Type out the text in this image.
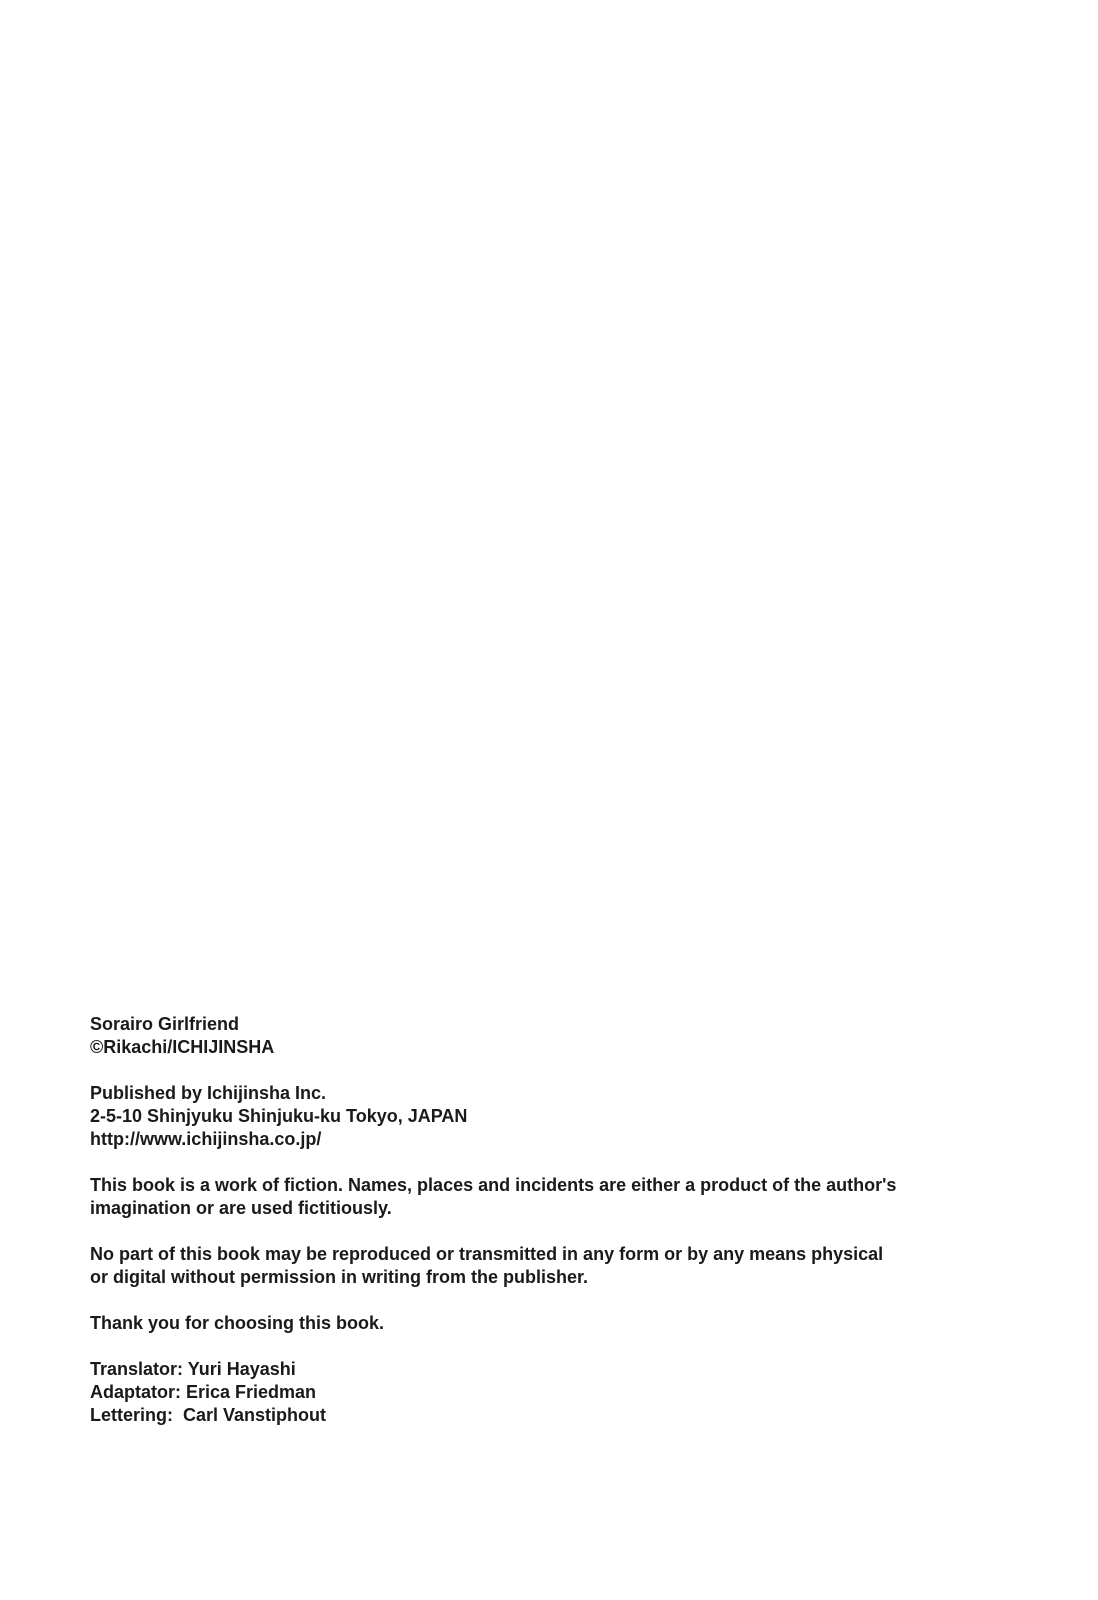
Sorairo Girlfriend
©Rikachi/ICHIJINSHA
Published by Ichijinsha Inc.
2-5-10 Shinjyuku Shinjuku-ku Tokyo, JAPAN
http://www.ichijinsha.co.jp/
This book is a work of fiction. Names, places and incidents are either a product of the author's
imagination or are used fictitiously.
No part of this book may be reproduced or transmitted in any form or by any means physical
or digital without permission in writing from the publisher.
Thank you for choosing this book.
Translator: Yuri Hayashi
Adaptator: Erica Friedman
Lettering:  Carl Vanstiphout
